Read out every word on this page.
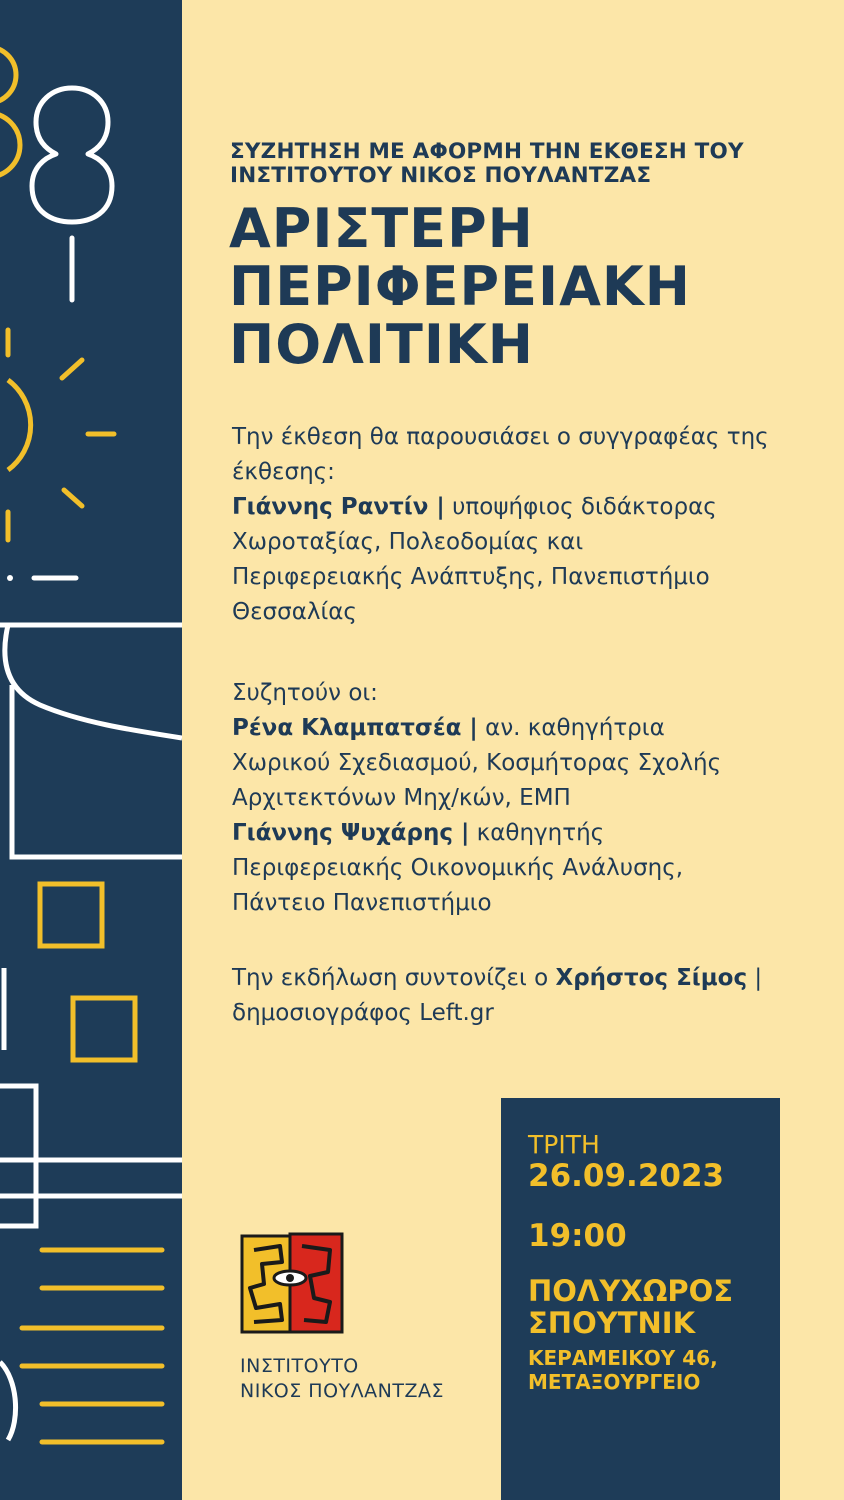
ΣΥΖΗΤΗΣΗ ΜΕ ΑΦΟΡΜΗ ΤΗΝ ΕΚΘΕΣΗ ΤΟΥ
ΙΝΣΤΙΤΟΥΤΟΥ ΝΙΚΟΣ ΠΟΥΛΑΝΤΖΑΣ

ΑΡΙΣΤΕΡΗ
ΠΕΡΙΦΕΡΕΙΑΚΗ
ΠΟΛΙΤΙΚΗ
Την έκθεση θα παρουσιάσει ο συγγραφέας της
έκθεσης:
Γιάννης Ραντίν | υποψήφιος διδάκτορας
Χωροταξίας, Πολεοδομίας και
Περιφερειακής Ανάπτυξης, Πανεπιστήμιο
Θεσσαλίας
Συζητούν οι:
Ρένα Κλαμπατσέα | αν. καθηγήτρια
Χωρικού Σχεδιασμού, Κοσμήτορας Σχολής
Αρχιτεκτόνων Μηχ/κών, ΕΜΠ
Γιάννης Ψυχάρης | καθηγητής
Περιφερειακής Οικονομικής Ανάλυσης,
Πάντειο Πανεπιστήμιο
Την εκδήλωση συντονίζει ο Χρήστος Σίμος |
δημοσιογράφος Left.gr

ΙΝΣΤΙΤΟΥΤΟ
ΝΙΚΟΣ ΠΟΥΛΑΝΤΖΑΣ

ΤΡΙΤΗ

26.09.2023

19:00

ΠΟΛΥΧΩΡΟΣ

ΣΠΟΥΤΝΙΚ

ΚΕΡΑΜΕΙΚΟΥ 46,

ΜΕΤΑΞΟΥΡΓΕΙΟ
